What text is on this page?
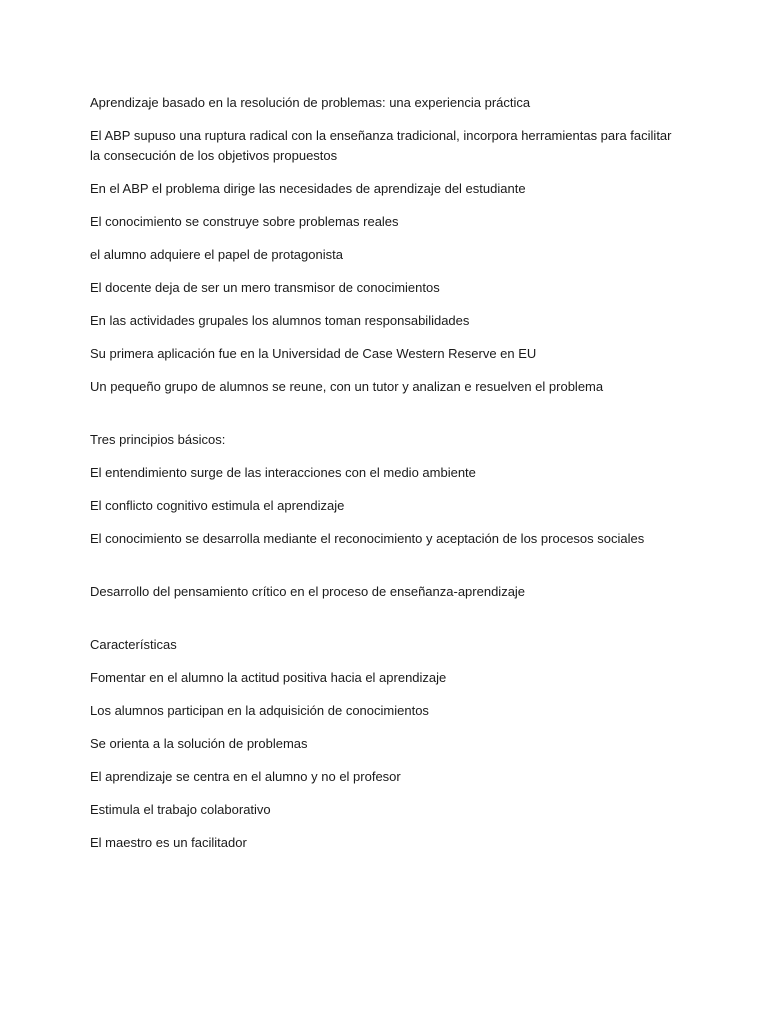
Aprendizaje basado en la resolución de problemas: una experiencia práctica

El ABP supuso una ruptura radical con la enseñanza tradicional, incorpora herramientas para facilitar la consecución de los objetivos propuestos

En el ABP el problema dirige las necesidades de aprendizaje del estudiante

El conocimiento se construye sobre problemas reales

el alumno adquiere el papel de protagonista

El docente deja de ser un mero transmisor de conocimientos

En las actividades grupales los alumnos toman responsabilidades

Su primera aplicación fue en la Universidad de Case Western Reserve en EU

Un pequeño grupo de alumnos se reune, con un tutor y analizan e resuelven el problema

Tres principios básicos:

El entendimiento surge de las interacciones con el medio ambiente

El conflicto cognitivo estimula el aprendizaje

El conocimiento se desarrolla mediante el reconocimiento y aceptación de los procesos sociales

Desarrollo del pensamiento crítico en el proceso de enseñanza-aprendizaje

Características

Fomentar en el alumno la actitud positiva hacia el aprendizaje

Los alumnos participan en la adquisición de conocimientos

Se orienta a la solución de problemas

El aprendizaje se centra en el alumno y no el profesor

Estimula el trabajo colaborativo

El maestro es un facilitador
